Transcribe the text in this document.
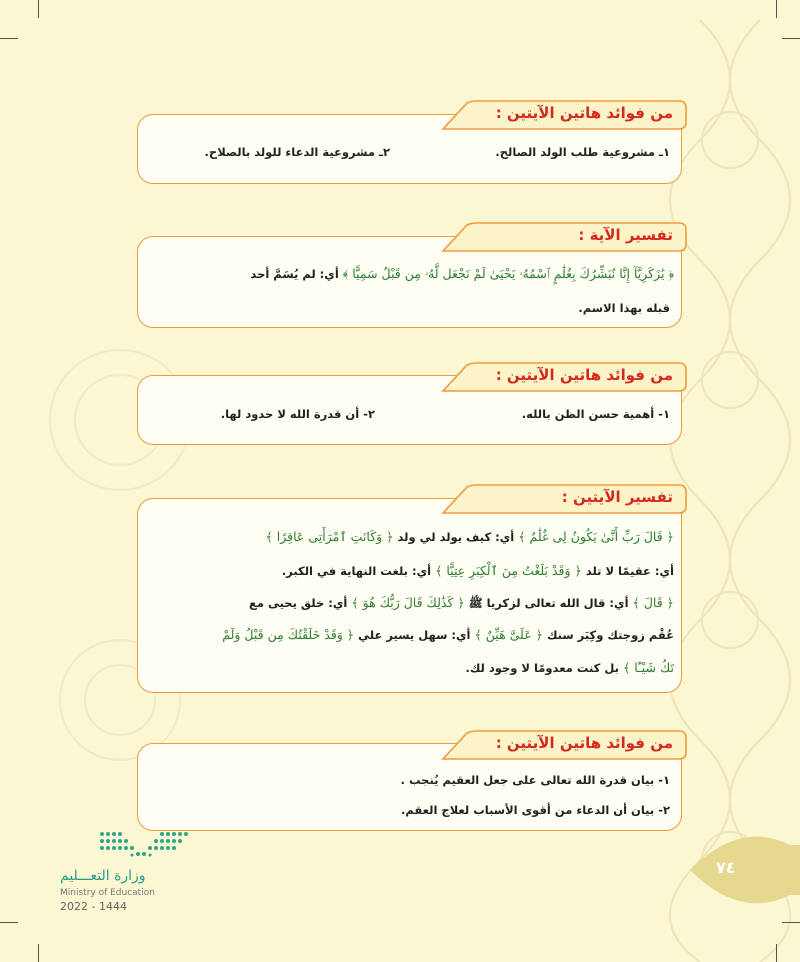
من فوائد هاتين الآيتين :
١ـ مشروعية طلب الولد الصالح.
٢ـ مشروعية الدعاء للولد بالصلاح.
تفسير الآية :
﴿ يَٰزَكَرِيَّآ إِنَّا نُبَشِّرُكَ بِغُلَٰمٍ ٱسْمُهُۥ يَحْيَىٰ لَمْ نَجْعَل لَّهُۥ مِن قَبْلُ سَمِيًّا ﴾ أي: لم يُسَمَّ أحد
قبله بهذا الاسم.
من فوائد هاتين الآيتين :
١- أهمية حسن الظن بالله.
٢- أن قدرة الله لا حدود لها.
تفسير الآيتين :
﴿ قَالَ رَبِّ أَنَّىٰ يَكُونُ لِى غُلَٰمٌ ﴾ أي: كيف يولد لي ولد ﴿ وَكَانَتِ ٱمْرَأَتِى عَاقِرًا ﴾
أي: عقيمًا لا تلد ﴿ وَقَدْ بَلَغْتُ مِنَ ٱلْكِبَرِ عِتِيًّا ﴾ أي: بلغت النهاية في الكبر.
﴿ قَالَ ﴾ أي: قال الله تعالى لزكريا ﷺ ﴿ كَذَٰلِكَ قَالَ رَبُّكَ هُوَ ﴾ أي: خلق يحيى مع
عُقْم زوجتك وكِبَر سنك ﴿ عَلَىَّ هَيِّنٌ ﴾ أي: سهل يسير علي ﴿ وَقَدْ خَلَقْتُكَ مِن قَبْلُ وَلَمْ
تَكُ شَيْـًٔا ﴾ بل كنت معدومًا لا وجود لك.
من فوائد هاتين الآيتين :
١- بيان قدرة الله تعالى على جعل العقيم يُنجب .
٢- بيان أن الدعاء من أقوى الأسباب لعلاج العقم.
وزارة التعـــليم
Ministry of Education
2022 - 1444
٧٤
